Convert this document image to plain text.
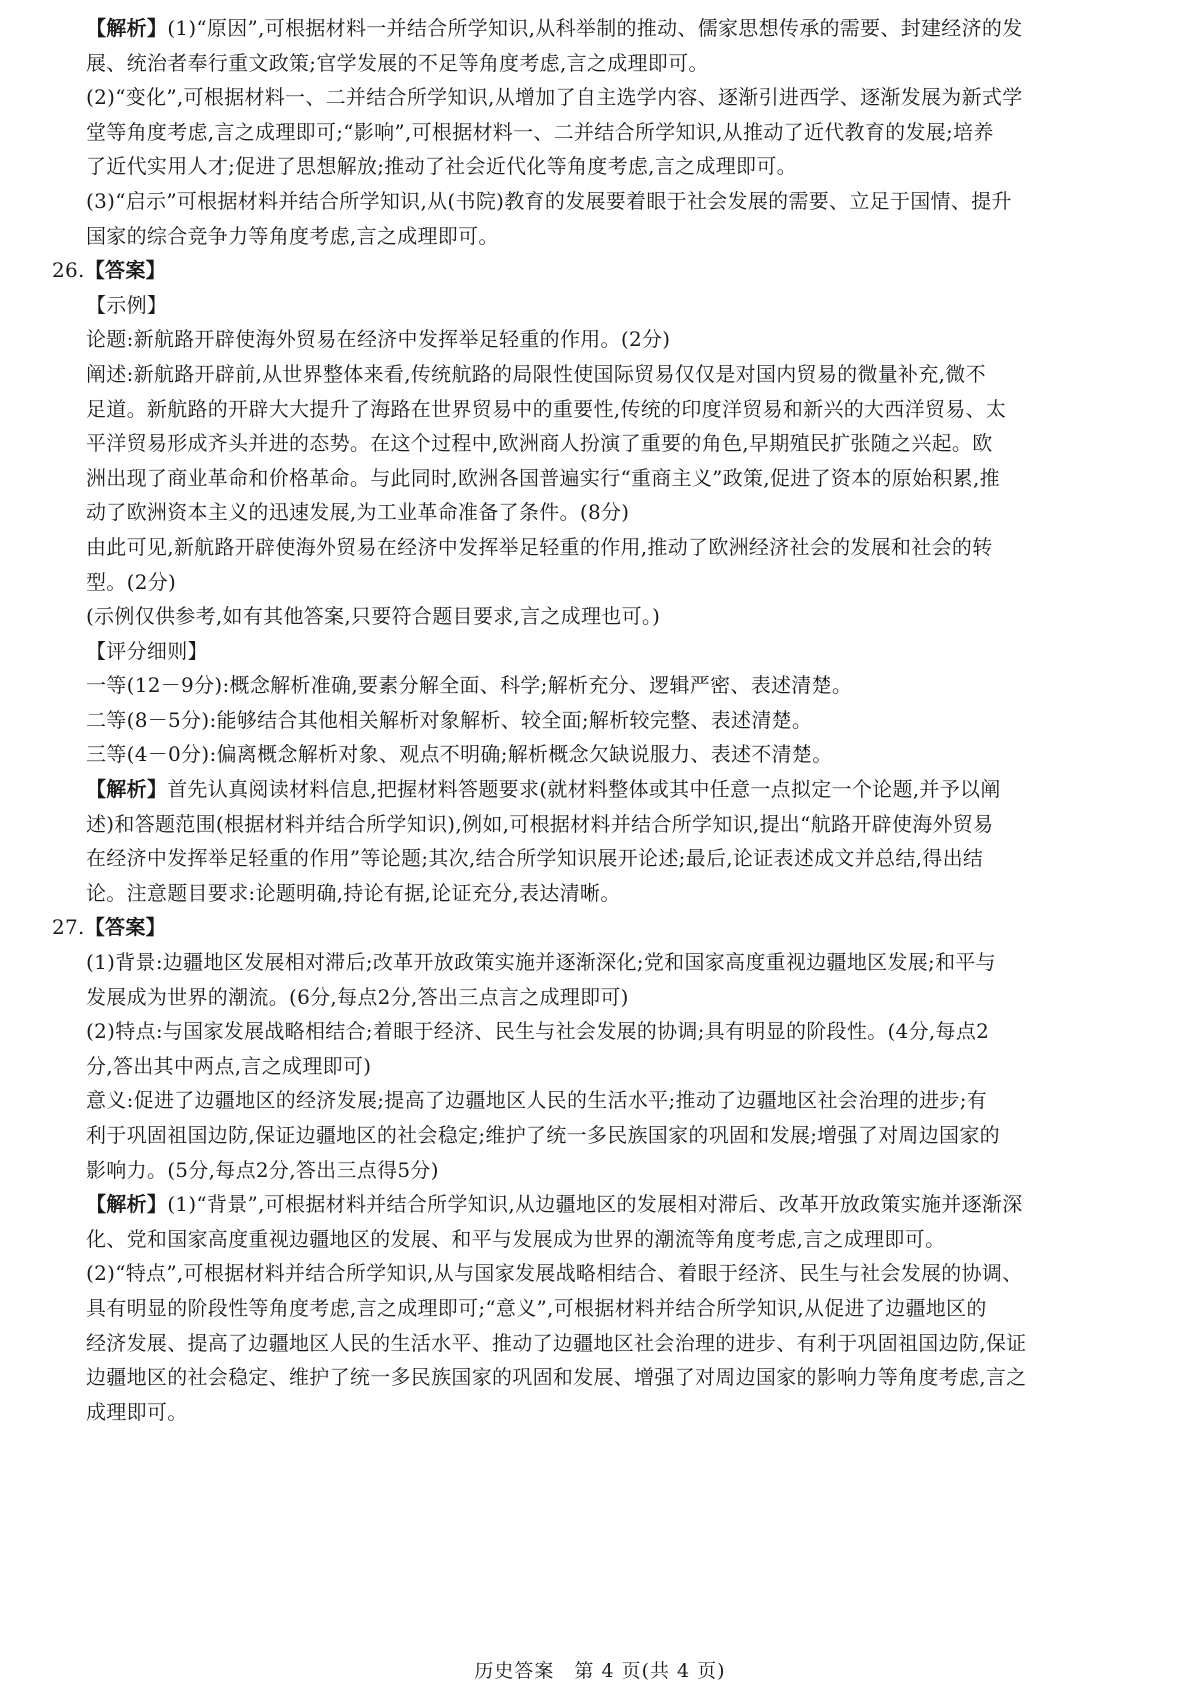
【解析】(1)“原因”,可根据材料一并结合所学知识,从科举制的推动、儒家思想传承的需要、封建经济的发
展、统治者奉行重文政策;官学发展的不足等角度考虑,言之成理即可。
(2)“变化”,可根据材料一、二并结合所学知识,从增加了自主选学内容、逐渐引进西学、逐渐发展为新式学
堂等角度考虑,言之成理即可;“影响”,可根据材料一、二并结合所学知识,从推动了近代教育的发展;培养
了近代实用人才;促进了思想解放;推动了社会近代化等角度考虑,言之成理即可。
(3)“启示”可根据材料并结合所学知识,从(书院)教育的发展要着眼于社会发展的需要、立足于国情、提升
国家的综合竞争力等角度考虑,言之成理即可。
26.【答案】
【示例】
论题:新航路开辟使海外贸易在经济中发挥举足轻重的作用。(2分)
阐述:新航路开辟前,从世界整体来看,传统航路的局限性使国际贸易仅仅是对国内贸易的微量补充,微不
足道。新航路的开辟大大提升了海路在世界贸易中的重要性,传统的印度洋贸易和新兴的大西洋贸易、太
平洋贸易形成齐头并进的态势。在这个过程中,欧洲商人扮演了重要的角色,早期殖民扩张随之兴起。欧
洲出现了商业革命和价格革命。与此同时,欧洲各国普遍实行“重商主义”政策,促进了资本的原始积累,推
动了欧洲资本主义的迅速发展,为工业革命准备了条件。(8分)
由此可见,新航路开辟使海外贸易在经济中发挥举足轻重的作用,推动了欧洲经济社会的发展和社会的转
型。(2分)
(示例仅供参考,如有其他答案,只要符合题目要求,言之成理也可。)
【评分细则】
一等(12－9分):概念解析准确,要素分解全面、科学;解析充分、逻辑严密、表述清楚。
二等(8－5分):能够结合其他相关解析对象解析、较全面;解析较完整、表述清楚。
三等(4－0分):偏离概念解析对象、观点不明确;解析概念欠缺说服力、表述不清楚。
【解析】首先认真阅读材料信息,把握材料答题要求(就材料整体或其中任意一点拟定一个论题,并予以阐
述)和答题范围(根据材料并结合所学知识),例如,可根据材料并结合所学知识,提出“航路开辟使海外贸易
在经济中发挥举足轻重的作用”等论题;其次,结合所学知识展开论述;最后,论证表述成文并总结,得出结
论。注意题目要求:论题明确,持论有据,论证充分,表达清晰。
27.【答案】
(1)背景:边疆地区发展相对滞后;改革开放政策实施并逐渐深化;党和国家高度重视边疆地区发展;和平与
发展成为世界的潮流。(6分,每点2分,答出三点言之成理即可)
(2)特点:与国家发展战略相结合;着眼于经济、民生与社会发展的协调;具有明显的阶段性。(4分,每点2
分,答出其中两点,言之成理即可)
意义:促进了边疆地区的经济发展;提高了边疆地区人民的生活水平;推动了边疆地区社会治理的进步;有
利于巩固祖国边防,保证边疆地区的社会稳定;维护了统一多民族国家的巩固和发展;增强了对周边国家的
影响力。(5分,每点2分,答出三点得5分)
【解析】(1)“背景”,可根据材料并结合所学知识,从边疆地区的发展相对滞后、改革开放政策实施并逐渐深
化、党和国家高度重视边疆地区的发展、和平与发展成为世界的潮流等角度考虑,言之成理即可。
(2)“特点”,可根据材料并结合所学知识,从与国家发展战略相结合、着眼于经济、民生与社会发展的协调、
具有明显的阶段性等角度考虑,言之成理即可;“意义”,可根据材料并结合所学知识,从促进了边疆地区的
经济发展、提高了边疆地区人民的生活水平、推动了边疆地区社会治理的进步、有利于巩固祖国边防,保证
边疆地区的社会稳定、维护了统一多民族国家的巩固和发展、增强了对周边国家的影响力等角度考虑,言之
成理即可。
历史答案　第 4 页(共 4 页)
